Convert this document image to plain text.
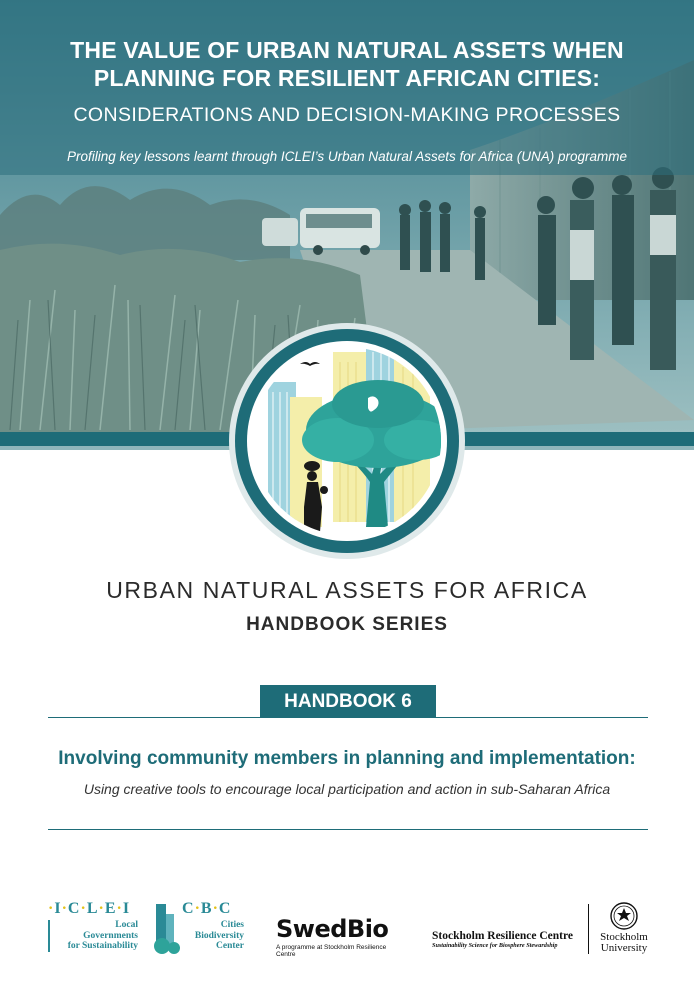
THE VALUE OF URBAN NATURAL ASSETS WHEN
PLANNING FOR RESILIENT AFRICAN CITIES:
CONSIDERATIONS AND DECISION-MAKING PROCESSES
Profiling key lessons learnt through ICLEI’s Urban Natural Assets for Africa (UNA) programme
URBAN NATURAL ASSETS FOR AFRICA
HANDBOOK SERIES
HANDBOOK 6
Involving community members in planning and implementation:
Using creative tools to encourage local participation and action in sub-Saharan Africa
·I·C·L·E·I
Local
Governments
for Sustainability
C·B·C
Cities
Biodiversity
Center
SwedBio
A programme at Stockholm Resilience Centre
Stockholm Resilience Centre
Sustainability Science for Biosphere Stewardship
Stockholm
University
